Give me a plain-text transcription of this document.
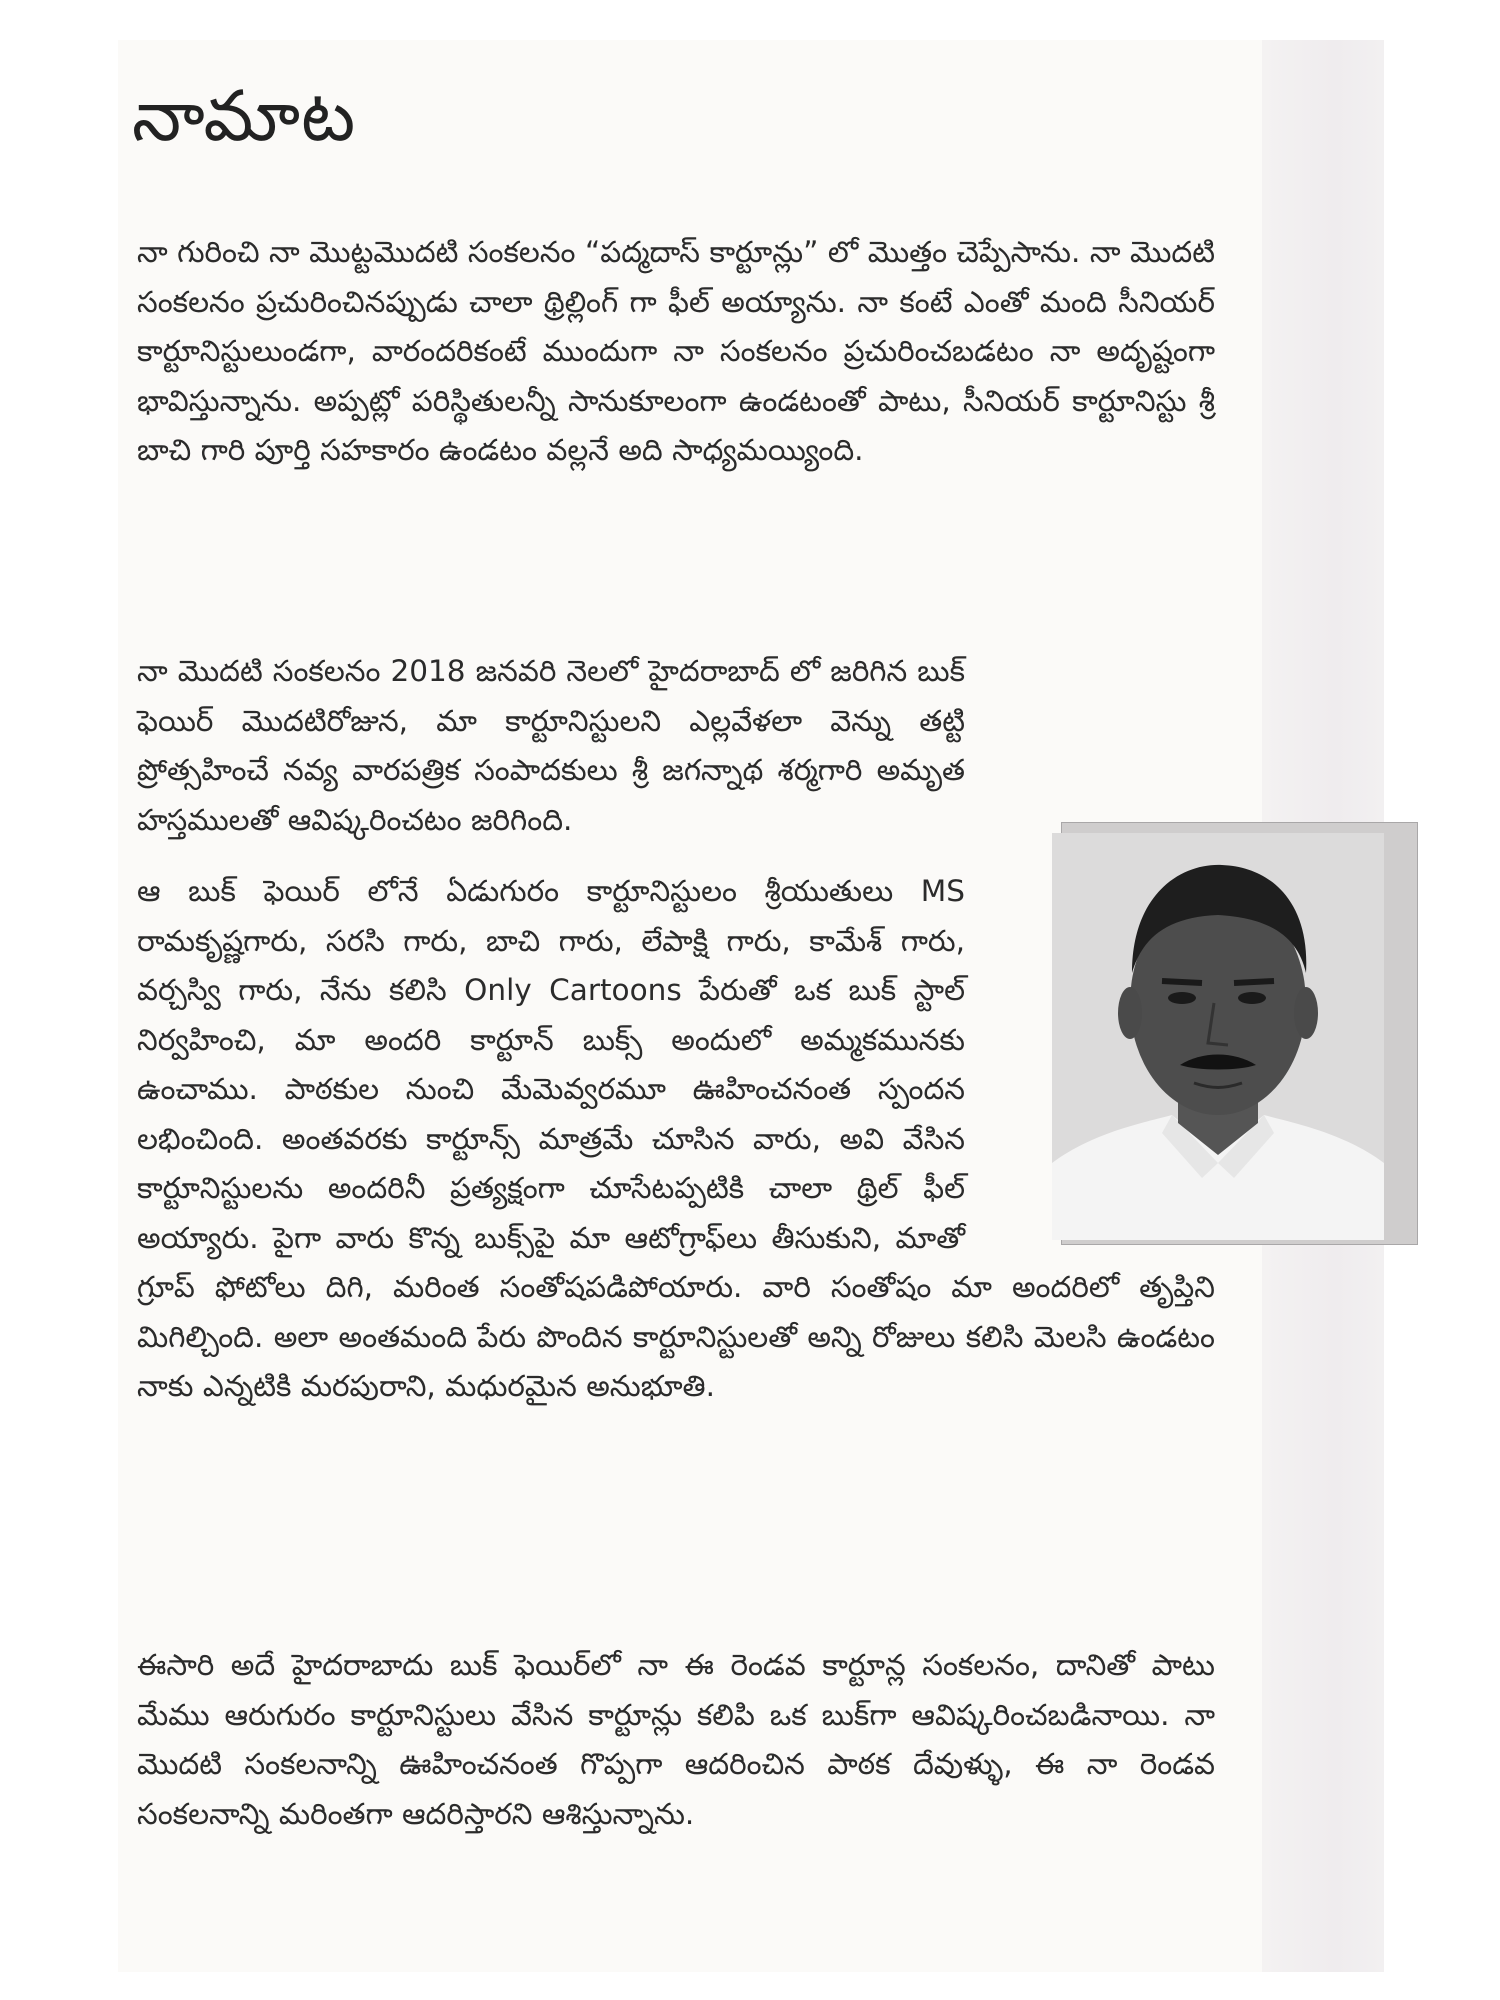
నామాట

నా గురించి నా మొట్టమొదటి సంకలనం “పద్మదాస్ కార్టూన్లు” లో మొత్తం చెప్పేసాను. నా మొదటి సంకలనం ప్రచురించినప్పుడు చాలా థ్రిల్లింగ్ గా ఫీల్ అయ్యాను. నా కంటే ఎంతో మంది సీనియర్ కార్టూనిస్టులుండగా, వారందరికంటే ముందుగా నా సంకలనం ప్రచురించబడటం నా అదృష్టంగా భావిస్తున్నాను. అప్పట్లో పరిస్థితులన్నీ సానుకూలంగా ఉండటంతో పాటు, సీనియర్ కార్టూనిస్టు శ్రీ బాచి గారి పూర్తి సహకారం ఉండటం వల్లనే అది సాధ్యమయ్యింది.

నా మొదటి సంకలనం 2018 జనవరి నెలలో హైదరాబాద్ లో జరిగిన బుక్ ఫెయిర్ మొదటిరోజున, మా కార్టూనిస్టులని ఎల్లవేళలా వెన్ను తట్టి ప్రోత్సహించే నవ్య వారపత్రిక సంపాదకులు శ్రీ జగన్నాథ శర్మగారి అమృత హస్తములతో ఆవిష్కరించటం జరిగింది.
ఆ బుక్ ఫెయిర్ లోనే ఏడుగురం కార్టూనిస్టులం శ్రీయుతులు MS రామకృష్ణగారు, సరసి గారు, బాచి గారు, లేపాక్షి గారు, కామేశ్ గారు, వర్చస్వి గారు, నేను కలిసి Only Cartoons పేరుతో ఒక బుక్ స్టాల్ నిర్వహించి, మా అందరి కార్టూన్ బుక్స్ అందులో అమ్మకమునకు ఉంచాము. పాఠకుల నుంచి మేమెవ్వరమూ ఊహించనంత స్పందన లభించింది. అంతవరకు కార్టూన్స్ మాత్రమే చూసిన వారు, అవి వేసిన కార్టూనిస్టులను అందరినీ ప్రత్యక్షంగా చూసేటప్పటికి చాలా థ్రిల్ ఫీల్ అయ్యారు. పైగా వారు కొన్న బుక్స్‌పై మా ఆటోగ్రాఫ్‌లు తీసుకుని, మాతో గ్రూప్ ఫోటోలు దిగి, మరింత సంతోషపడిపోయారు. వారి సంతోషం మా అందరిలో తృప్తిని మిగిల్చింది. అలా అంతమంది పేరు పొందిన కార్టూనిస్టులతో అన్ని రోజులు కలిసి మెలసి ఉండటం నాకు ఎన్నటికి మరపురాని, మధురమైన అనుభూతి.

ఈసారి అదే హైదరాబాదు బుక్ ఫెయిర్‌లో నా ఈ రెండవ కార్టూన్ల సంకలనం, దానితో పాటు మేము ఆరుగురం కార్టూనిస్టులు వేసిన కార్టూన్లు కలిపి ఒక బుక్‌గా ఆవిష్కరించబడినాయి. నా మొదటి సంకలనాన్ని ఊహించనంత గొప్పగా ఆదరించిన పాఠక దేవుళ్ళు, ఈ నా రెండవ సంకలనాన్ని మరింతగా ఆదరిస్తారని ఆశిస్తున్నాను.
